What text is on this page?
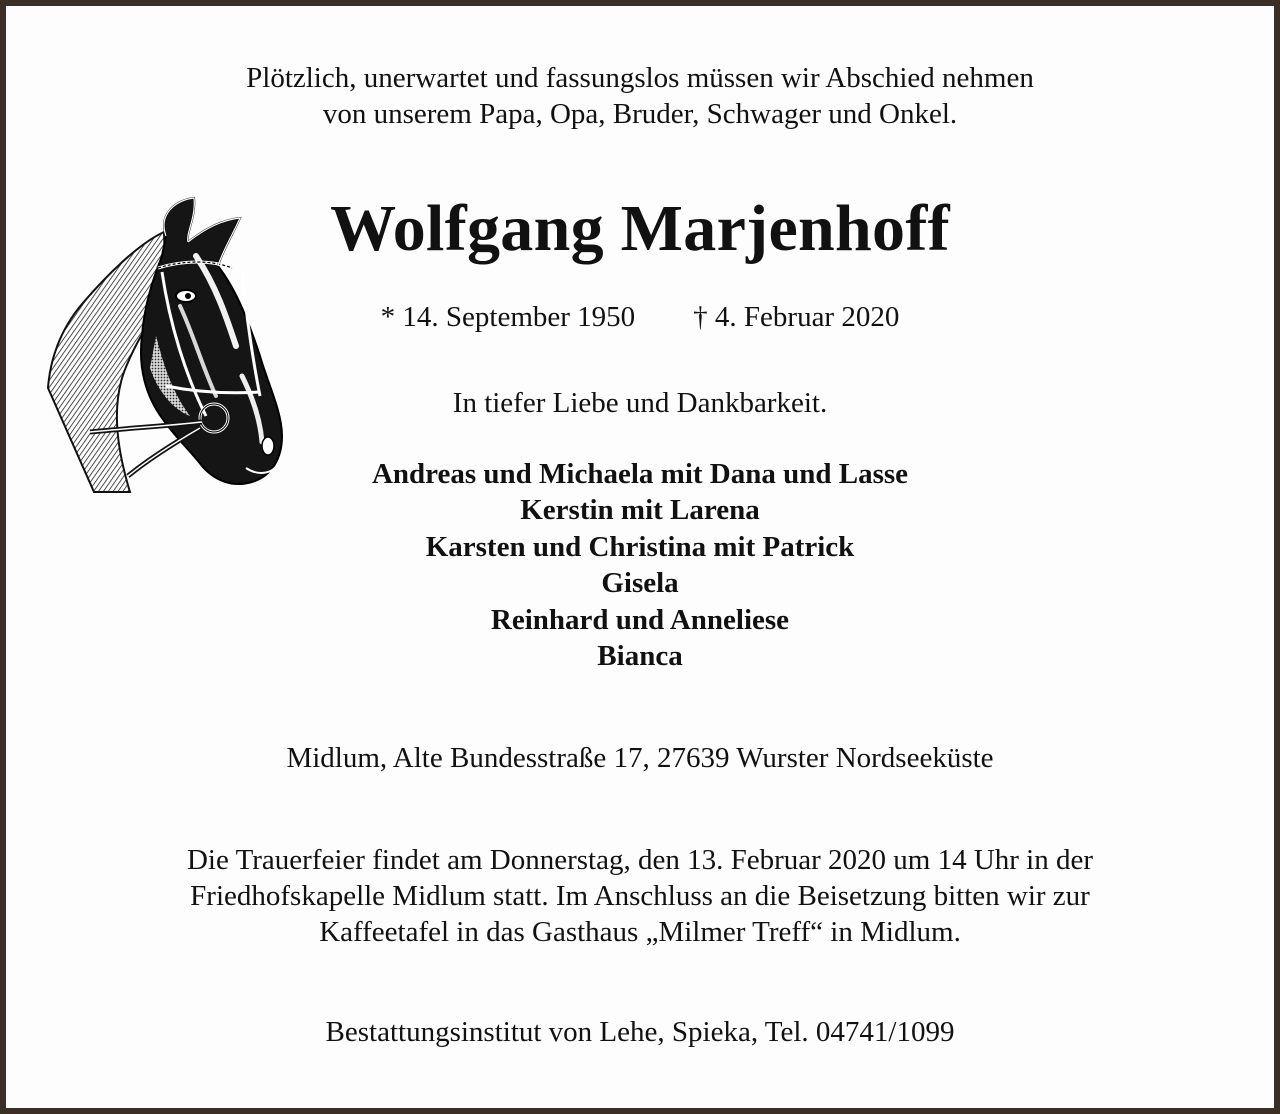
Plötzlich, unerwartet und fassungslos müssen wir Abschied nehmen
von unserem Papa, Opa, Bruder, Schwager und Onkel.
Wolfgang Marjenhoff
* 14. September 1950 † 4. Februar 2020
In tiefer Liebe und Dankbarkeit.
Andreas und Michaela mit Dana und Lasse
Kerstin mit Larena
Karsten und Christina mit Patrick
Gisela
Reinhard und Anneliese
Bianca
Midlum, Alte Bundesstraße 17, 27639 Wurster Nordseeküste
Die Trauerfeier findet am Donnerstag, den 13. Februar 2020 um 14 Uhr in der
Friedhofskapelle Midlum statt. Im Anschluss an die Beisetzung bitten wir zur
Kaffeetafel in das Gasthaus „Milmer Treff“ in Midlum.
Bestattungsinstitut von Lehe, Spieka, Tel. 04741/1099
